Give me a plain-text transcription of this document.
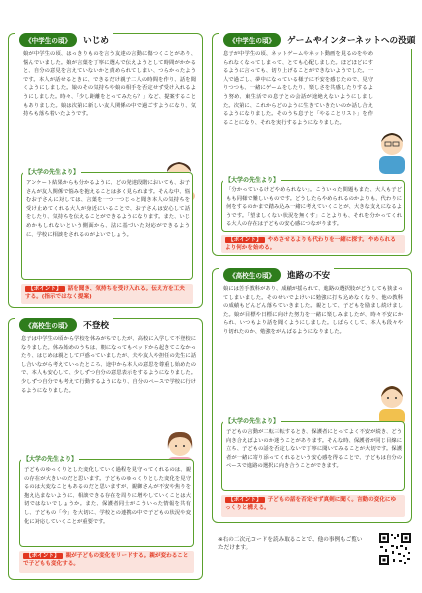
《中学生の頃》	いじめ
娘が中学生の頃、はっきりものを言う友達の言動に傷つくことがあり、悩んでいました。娘が言葉を丁寧に選んで伝えようとして時間がかかると、自分の意見を言えていないかと責められてしまい、つらかったようです。本人が話せるときに、できるだけ親子二人の時間を作り、話を聞くようにしました。娘のその気持ちや娘の相手を否定せず受け入れるようにしました。時々、「少し距離をとってみたら？」など、提案することもありました。娘は次第に新しい友人関係の中で過ごすようになり、気持ちも落ち着いたようです。
アンケート結果からも分かるように、どの発達段階においても、お子さんが友人関係で悩みを抱えることは多く見られます。そんな中、悩むお子さんに対しては、言葉を一つ一つじっと聞き本人の気持ちを受け止めてくれる大人が身近にいることで、お子さんは安心して話をしたり、気持ちを伝えることができるようになります。また、いじめかもしれないという側面から、法に基づいた対応ができるように、学校に相談をされるのがよいでしょう。
【大学の先生より】
【ポイント】 話を聞き、気持ちを受け入れる。伝え方を工夫する。(指示ではなく提案)
《中学生の頃》	ゲームやインターネットへの没頭
息子が中学生の頃、ネットゲームやネット動画を見るのをやめられなくなってしまって、とても心配しました。ほどほどにするように言っても、切り上げることができないようでした。一人で過ごし、夢中になっている様子に不安を感じたので、見守りつつも、一緒にゲームをしたり、楽しさを共感したりするよう努め、東生活での息子との会話が途絶えないようにしました。次第に、これからどのように生きていきたいのか話し合えるようになりました。そのうち息子と「やることリスト」を作ることになり、それを実行するようになりました。
「分かっているけどやめられない」。こういった問題もまた、大人も子どもも同様で難しいものです。どうしたらやめられるのかよりも、代わりに何をするのかまで踏み込み一緒に考えていくことが、大きな支えになるようです。「望ましくない状況を無くす」ことよりも、それを分かってくれる大人の存在は子どもの安心感につながります。
【大学の先生より】
【ポイント】 やめさせるよりも代わりを一緒に探す。やめられるより何かを始める。
《高校生の頃》	不登校
息子は中学生の頃から学校を休みがちでしたが、高校に入学して不登校になりました。休み始めのうちは、朝になってもベッドから起きてこなかったり、はじめは親として戸惑っていましたが、夫や友人や担任の先生に話し合いながら考えていったところ、途中から本人の意思を尊重し始めたので、本人も安心して、少しずつ自分の意思表示をするようになりました。少しずつ自分でも考えて行動するようになり、自分のペースで学校に行けるようになりました。
子どものゆっくりとした変化していく過程を見守ってくれるのは、親の存在が大きいのだと思います。子どものゆっくりとした変化を見守るのは大変なこともあるのだと思いますが、親御さんが不安や焦りを抱え込まないように、相談できる存在を周りに増やしていくことは大切ではないでしょうか。また、保護者同士がこういった情報を共有し、子どもの「今」を大切に、学校との連携の中で子どもの状況や変化に対応していくことが重要です。
【大学の先生より】
【ポイント】 親が子どもの変化をリードする。親が変わることで子どもも変化する。
《高校生の頃》	進路の不安
娘には苦手教科があり、成績が揺られて、進路の選択肢がどうしても狭まってしまいました。そのせいでよけいに勉強に打ち込めなくなり、他の教科の成績もどんどん落ちていきました。親として、子どもを励まし続けました。娘が目標や日標に向けた努力を一緒に楽しみましたが、時々不安にかられ、いつもより話を聞くようにしました。しばらくして、本人も段々やり切れたのか、勉強をがんばるようになりました。
子どもの言動が二転三転するとき、保護者にとってよく不安が続き、どう向き合えばよいのか迷うことがあります。そんな時、保護者が同じ目線に立ち、子どもの話を否定しないで丁寧に聞いてみることが大切です。保護者が一緒に寄り添ってくれるという安心感を得ることで、子どもは自分のペースで進路の選択に向き合うことができます。
【大学の先生より】
【ポイント】 子どもの話を否定せず真剣に聞く。言動の変化にゆっくりと構える。
※右の二次元コードを読み取ることで、他の事例もご覧いただけます。
